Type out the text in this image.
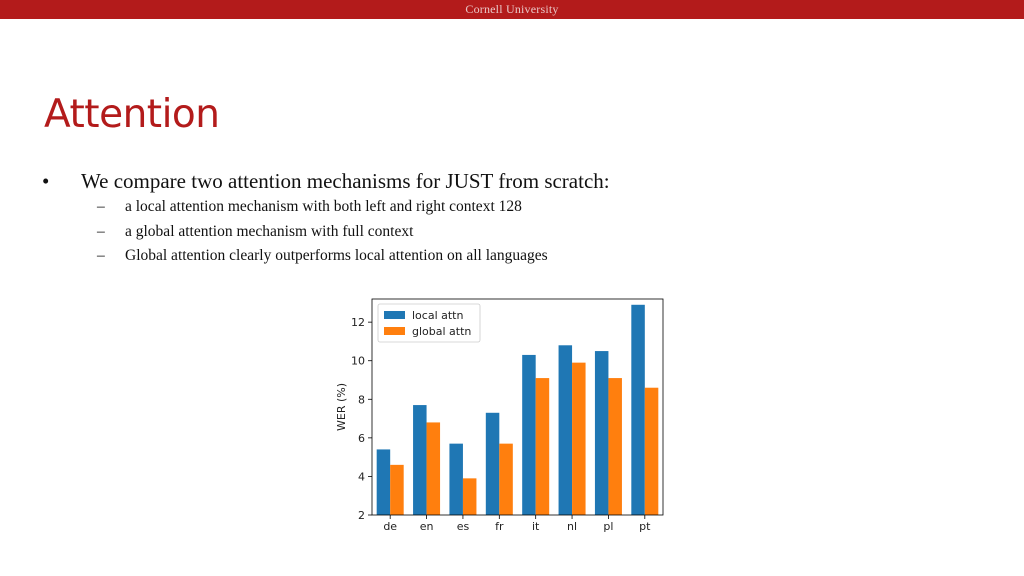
Cornell University
Attention
• We compare two attention mechanisms for JUST from scratch:
– a local attention mechanism with both left and right context 128
– a global attention mechanism with full context
– Global attention clearly outperforms local attention on all languages
2
4
6
8
10
12
de en es fr	it	nl pl pt
WER (%)
local attn
global attn
